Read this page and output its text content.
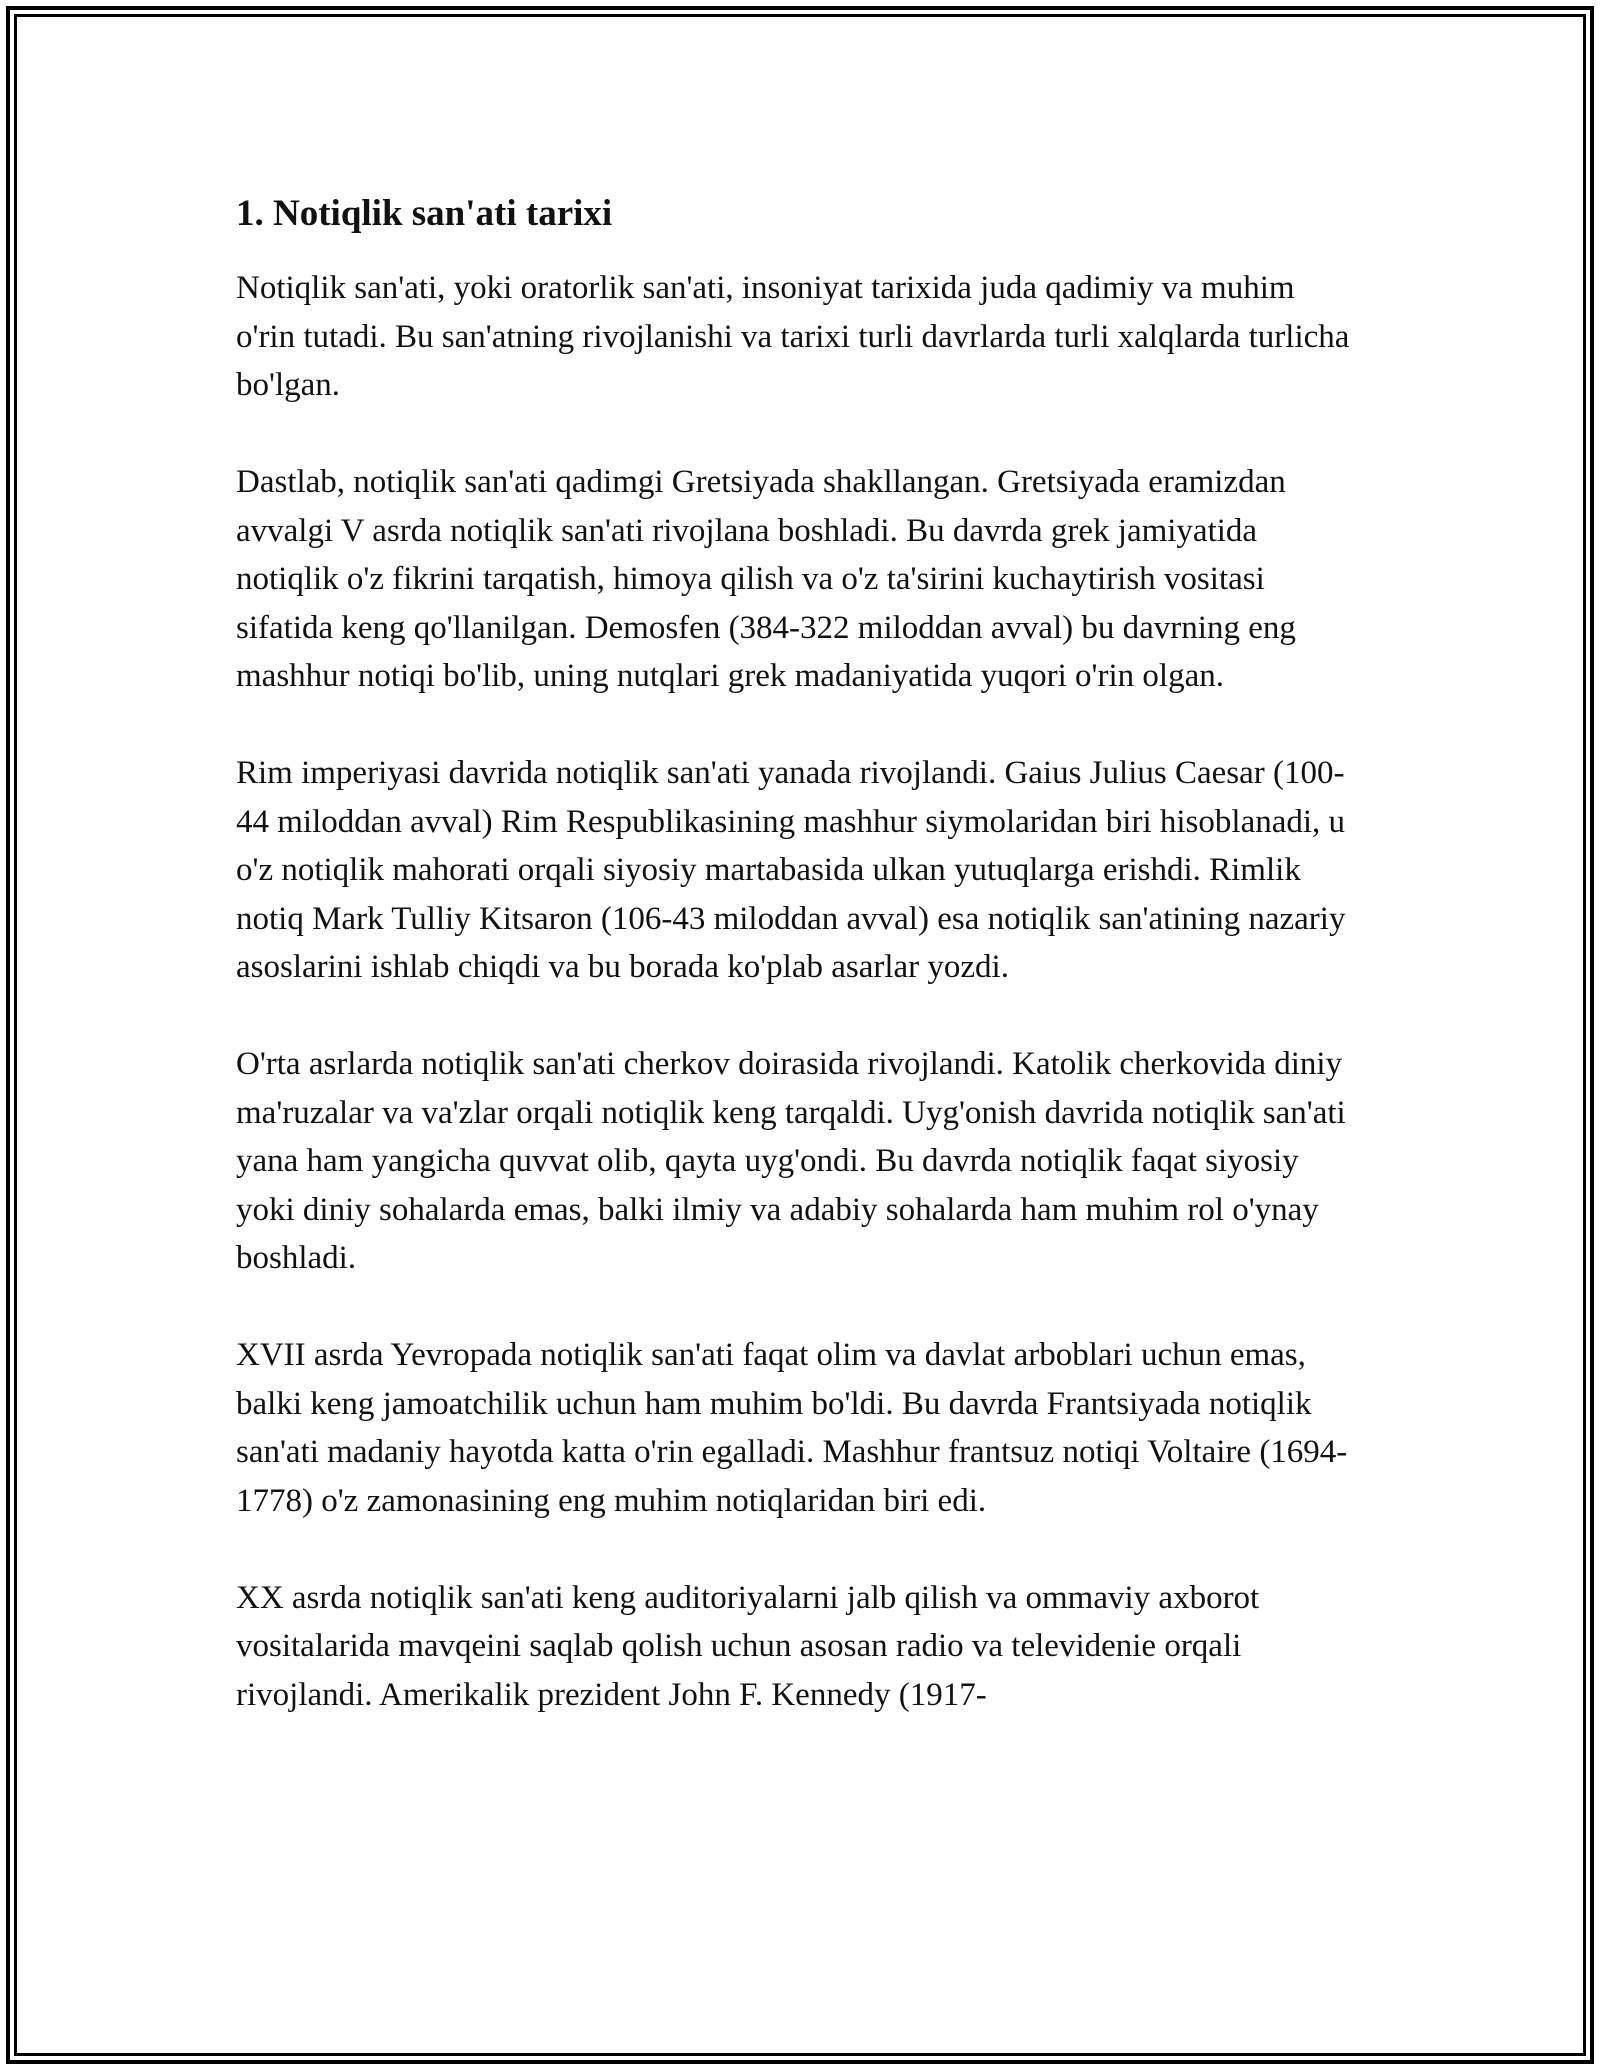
1. Notiqlik san'ati tarixi

Notiqlik san'ati, yoki oratorlik san'ati, insoniyat tarixida juda qadimiy va muhim o'rin tutadi. Bu san'atning rivojlanishi va tarixi turli davrlarda turli xalqlarda turlicha bo'lgan.

Dastlab, notiqlik san'ati qadimgi Gretsiyada shakllangan. Gretsiyada eramizdan avvalgi V asrda notiqlik san'ati rivojlana boshladi. Bu davrda grek jamiyatida notiqlik o'z fikrini tarqatish, himoya qilish va o'z ta'sirini kuchaytirish vositasi sifatida keng qo'llanilgan. Demosfen (384-322 miloddan avval) bu davrning eng mashhur notiqi bo'lib, uning nutqlari grek madaniyatida yuqori o'rin olgan.

Rim imperiyasi davrida notiqlik san'ati yanada rivojlandi. Gaius Julius Caesar (100-44 miloddan avval) Rim Respublikasining mashhur siymolaridan biri hisoblanadi, u o'z notiqlik mahorati orqali siyosiy martabasida ulkan yutuqlarga erishdi. Rimlik notiq Mark Tulliy Kitsaron (106-43 miloddan avval) esa notiqlik san'atining nazariy asoslarini ishlab chiqdi va bu borada ko'plab asarlar yozdi.

O'rta asrlarda notiqlik san'ati cherkov doirasida rivojlandi. Katolik cherkovida diniy ma'ruzalar va va'zlar orqali notiqlik keng tarqaldi. Uyg'onish davrida notiqlik san'ati yana ham yangicha quvvat olib, qayta uyg'ondi. Bu davrda notiqlik faqat siyosiy yoki diniy sohalarda emas, balki ilmiy va adabiy sohalarda ham muhim rol o'ynay boshladi.

XVII asrda Yevropada notiqlik san'ati faqat olim va davlat arboblari uchun emas, balki keng jamoatchilik uchun ham muhim bo'ldi. Bu davrda Frantsiyada notiqlik san'ati madaniy hayotda katta o'rin egalladi. Mashhur frantsuz notiqi Voltaire (1694-1778) o'z zamonasining eng muhim notiqlaridan biri edi.

XX asrda notiqlik san'ati keng auditoriyalarni jalb qilish va ommaviy axborot vositalarida mavqeini saqlab qolish uchun asosan radio va televidenie orqali rivojlandi. Amerikalik prezident John F. Kennedy (1917-
